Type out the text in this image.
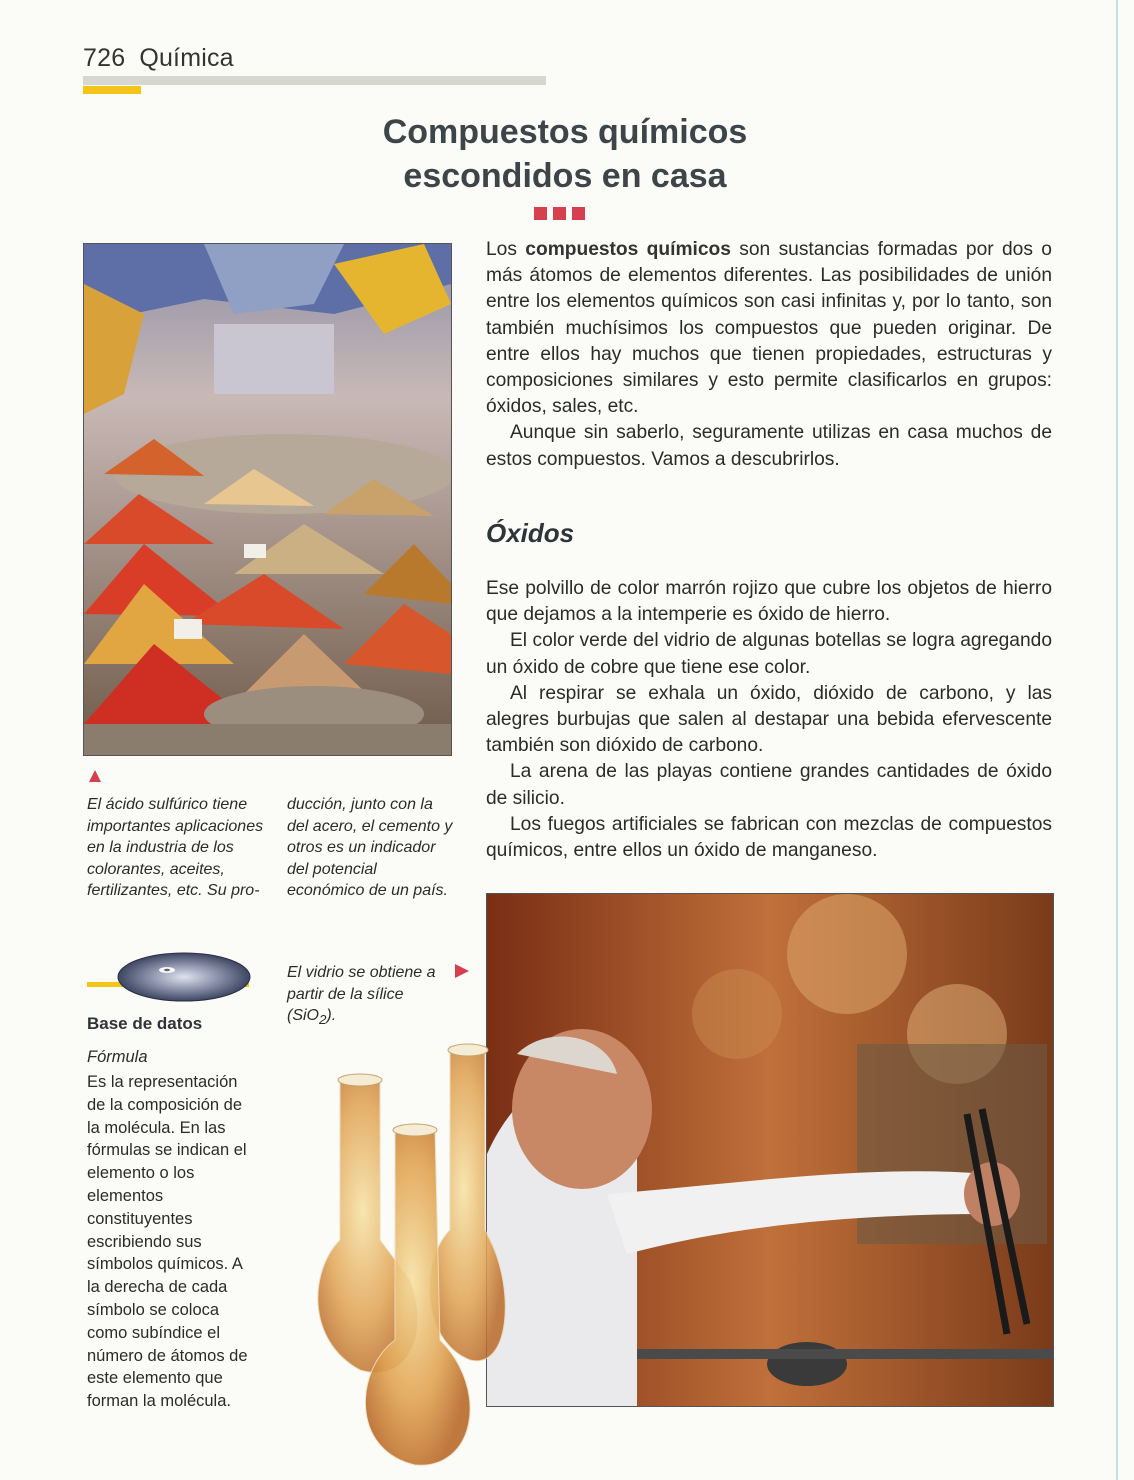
726 Química
Compuestos químicos
escondidos en casa

Los compuestos químicos son sustancias formadas por dos o más átomos de elementos diferentes. Las posibilidades de unión entre los elementos químicos son casi infinitas y, por lo tanto, son también muchísimos los compuestos que pueden originar. De entre ellos hay muchos que tienen propiedades, estructuras y composiciones similares y esto permite clasificarlos en grupos: óxidos, sales, etc.

Aunque sin saberlo, seguramente utilizas en casa muchos de estos compuestos. Vamos a descubrirlos.

Óxidos

Ese polvillo de color marrón rojizo que cubre los objetos de hierro que dejamos a la intemperie es óxido de hierro.

El color verde del vidrio de algunas botellas se logra agregando un óxido de cobre que tiene ese color.

Al respirar se exhala un óxido, dióxido de carbono, y las alegres burbujas que salen al destapar una bebida efervescente también son dióxido de carbono.

La arena de las playas contiene grandes cantidades de óxido de silicio.

Los fuegos artificiales se fabrican con mezclas de compuestos químicos, entre ellos un óxido de manganeso.

El ácido sulfúrico tiene importantes aplicaciones en la industria de los colorantes, aceites, fertilizantes, etc. Su pro-
ducción, junto con la del acero, el cemento y otros es un indicador del potencial económico de un país.
El vidrio se obtiene a partir de la sílice (SiO$_2$).
Base de datos
Fórmula
Es la representación de la composición de la molécula. En las fórmulas se indican el elemento o los elementos constituyentes escribiendo sus símbolos químicos. A la derecha de cada símbolo se coloca como subíndice el número de átomos de este elemento que forman la molécula.
